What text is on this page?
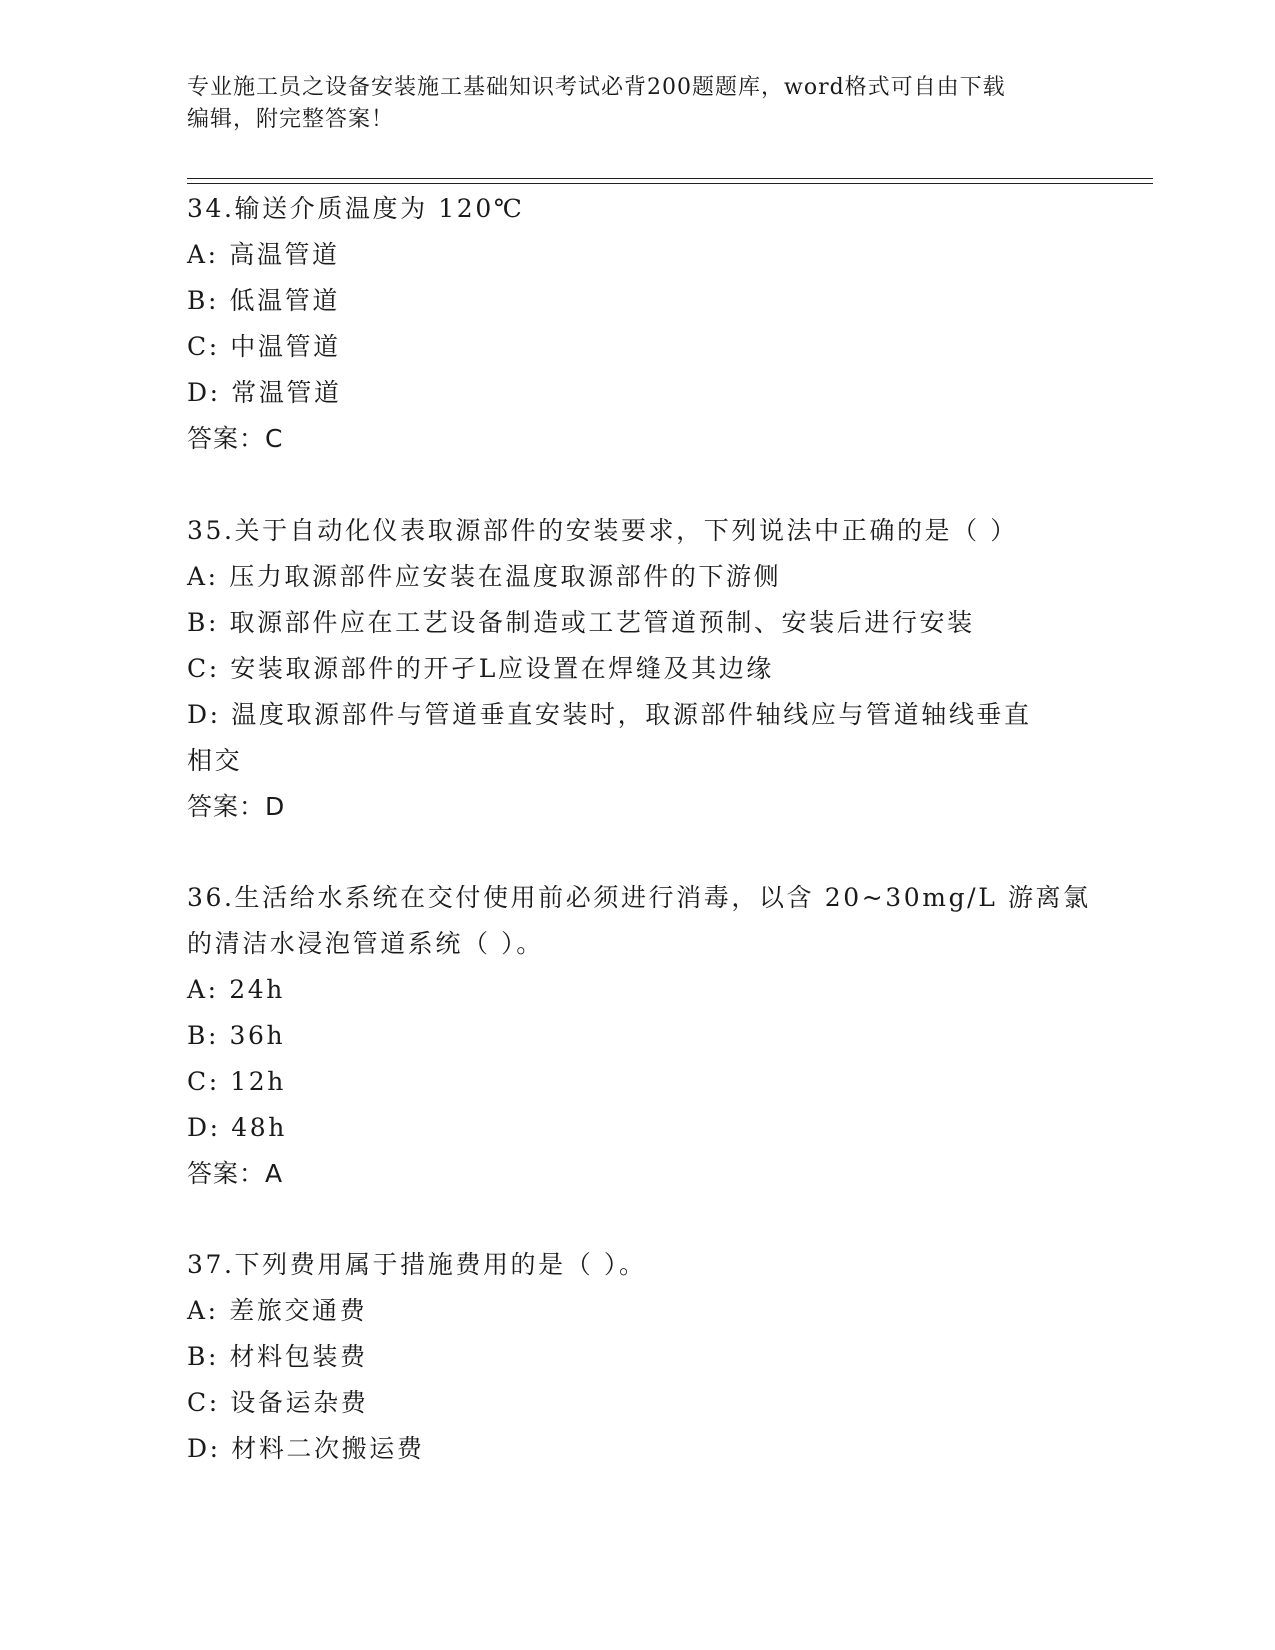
专业施工员之设备安装施工基础知识考试必背200题题库，word格式可自由下载
编辑，附完整答案！
34.输送介质温度为 120℃
A: 高温管道
B: 低温管道
C: 中温管道
D: 常温管道
答案：C
35.关于自动化仪表取源部件的安装要求，下列说法中正确的是（ ）
A: 压力取源部件应安装在温度取源部件的下游侧
B: 取源部件应在工艺设备制造或工艺管道预制、安装后进行安装
C: 安装取源部件的开孑L应设置在焊缝及其边缘
D: 温度取源部件与管道垂直安装时，取源部件轴线应与管道轴线垂直
相交
答案：D
36.生活给水系统在交付使用前必须进行消毒，以含 20~30mg/L 游离氯
的清洁水浸泡管道系统（ ）。
A: 24h
B: 36h
C: 12h
D: 48h
答案：A
37.下列费用属于措施费用的是（ ）。
A: 差旅交通费
B: 材料包装费
C: 设备运杂费
D: 材料二次搬运费
